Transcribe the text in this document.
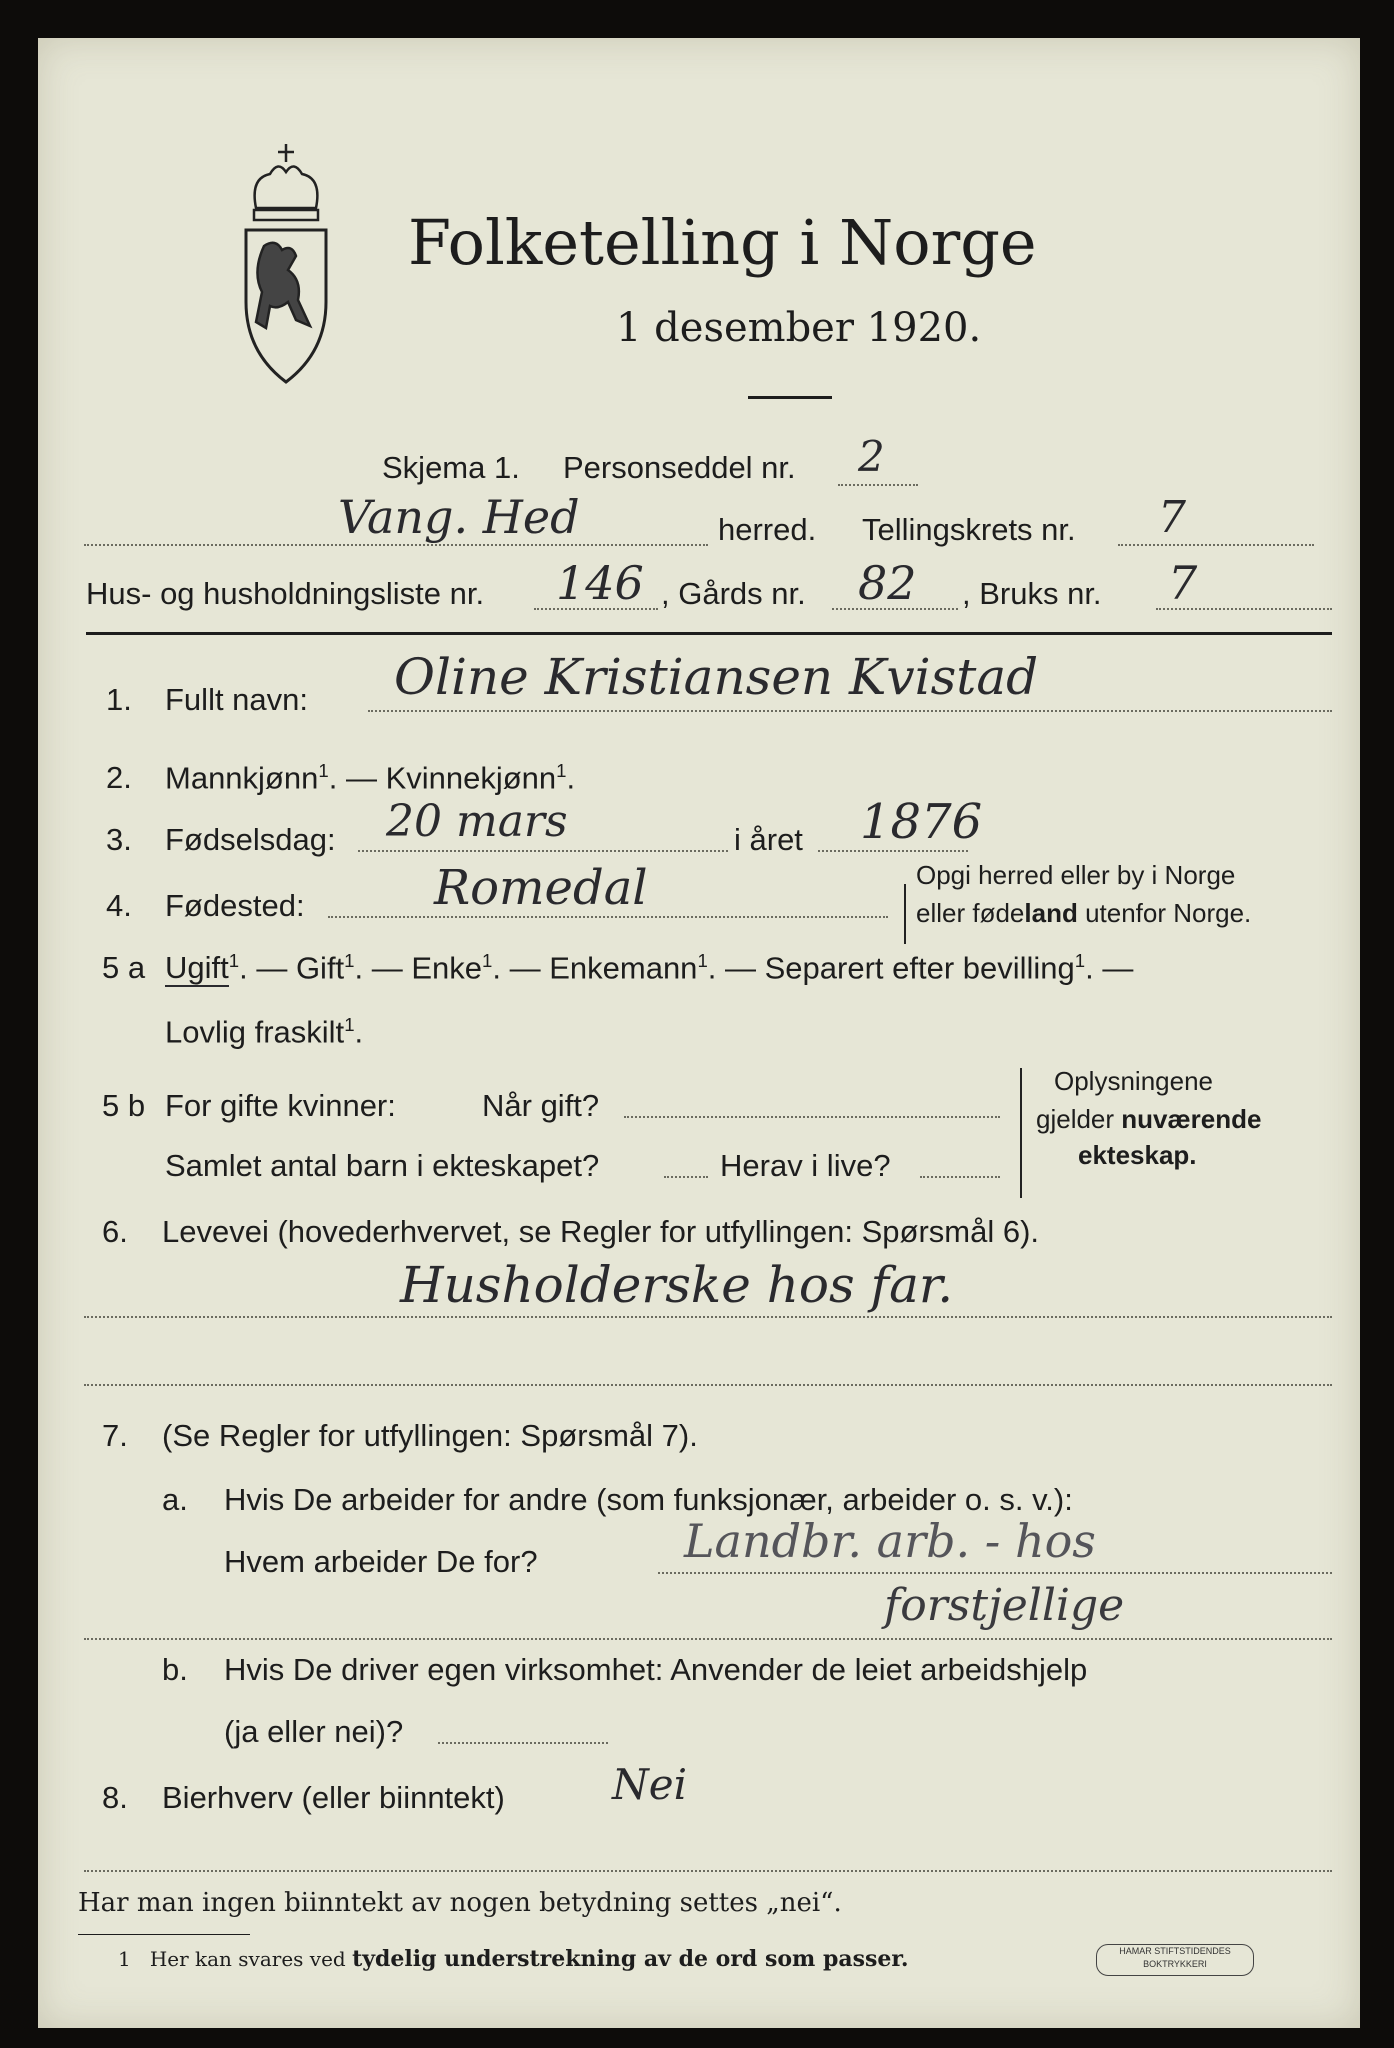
Folketelling i Norge
1 desember 1920.
Skjema 1. Personseddel nr. 2
Vang. Hed	herred. Tellingskrets nr. 7
Hus- og husholdningsliste nr. 146 , Gårds nr. 82 , Bruks nr. 7
1. Fullt navn: Oline Kristiansen Kvistad
2. Mannkjønn$^1$. — Kvinnekjønn$^1$.
3. Fødselsdag: 20 mars	i året 1876
4. Fødested:	Romedal	Opgi herred eller by i Norge
eller fødeland utenfor Norge.
5 a Ugift$^1$. — Gift$^1$. — Enke$^1$. — Enkemann$^1$. — Separert efter bevilling$^1$. —
Lovlig fraskilt$^1$.
5 b For gifte kvinner:	Når gift?
Samlet antal barn i ekteskapet?	Herav i live?
Oplysningene
gjelder nuværende
ekteskap.
6. Levevei (hovederhvervet, se Regler for utfyllingen: Spørsmål 6).
Husholderske hos far.
7. (Se Regler for utfyllingen: Spørsmål 7).
a. Hvis De arbeider for andre (som funksjonær, arbeider o. s. v.):
Hvem arbeider De for?	Landbr. arb. - hos
forstjellige
b. Hvis De driver egen virksomhet: Anvender de leiet arbeidshjelp
(ja eller nei)?
8. Bierhverv (eller biinntekt)	Nei
Har man ingen biinntekt av nogen betydning settes „nei“.
1 Her kan svares ved tydelig understrekning av de ord som passer.	HAMAR STIFTSTIDENDES
BOKTRYKKERI
